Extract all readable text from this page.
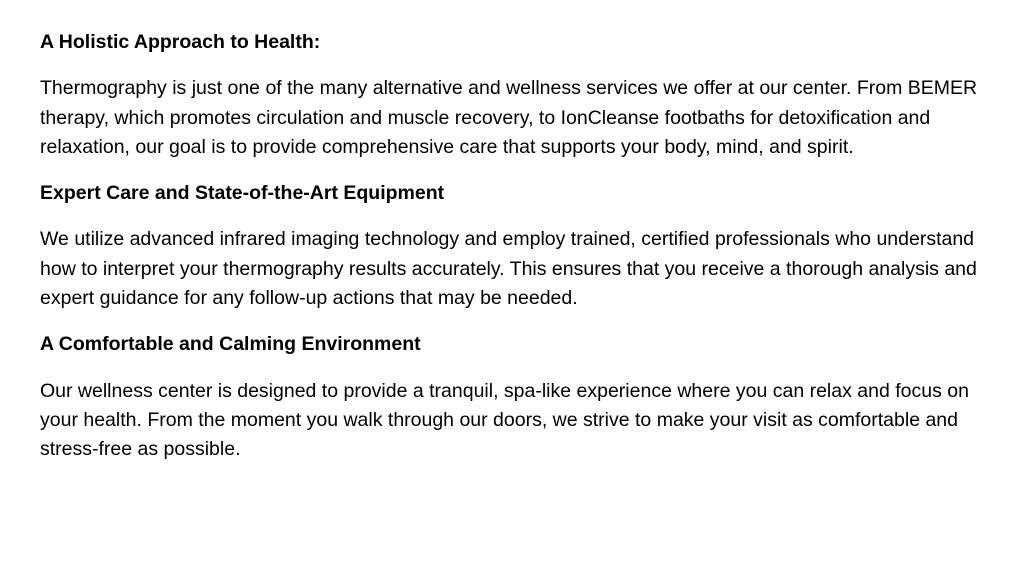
A Holistic Approach to Health:

Thermography is just one of the many alternative and wellness services we offer at our center. From BEMER therapy, which promotes circulation and muscle recovery, to IonCleanse footbaths for detoxification and relaxation, our goal is to provide comprehensive care that supports your body, mind, and spirit.

Expert Care and State-of-the-Art Equipment

We utilize advanced infrared imaging technology and employ trained, certified professionals who understand how to interpret your thermography results accurately. This ensures that you receive a thorough analysis and expert guidance for any follow-up actions that may be needed.

A Comfortable and Calming Environment

Our wellness center is designed to provide a tranquil, spa-like experience where you can relax and focus on your health. From the moment you walk through our doors, we strive to make your visit as comfortable and stress-free as possible.
